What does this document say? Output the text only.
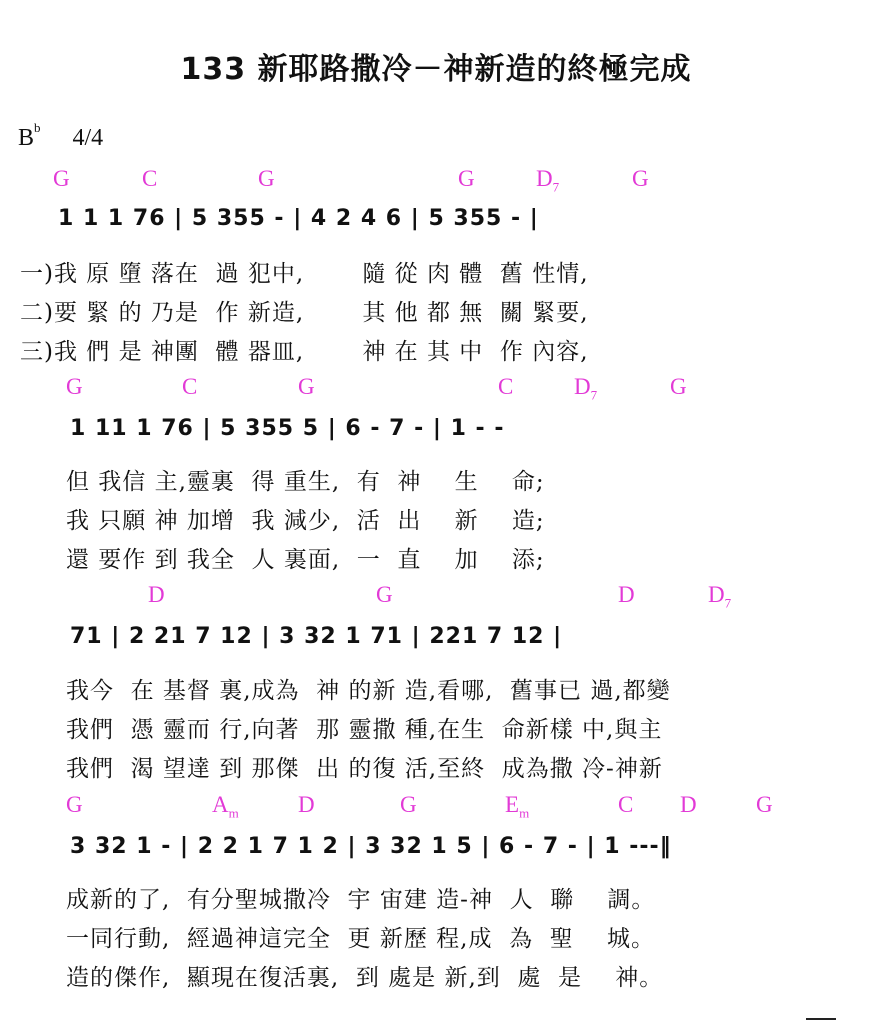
133 新耶路撒冷－神新造的終極完成
$B^b$ 4/4
G	C	G	G	$D_7$	G
1 1 1 76 | 5 355 - | 4 2 4 6 | 5 355 - |
一)我 原 墮 落在  過 犯中,       隨 從 肉 體  舊 性情,
二)要 緊 的 乃是  作 新造,       其 他 都 無  關 緊要,
三)我 們 是 神團  體 器皿,       神 在 其 中  作 內容,
G	C	G	C	$D_7$	G
1 11 1 76 | 5 355 5 | 6 - 7 - | 1 - -
但 我信 主,靈裏  得 重生,  有  神    生    命;
我 只願 神 加增  我 減少,  活  出    新    造;
還 要作 到 我全  人 裏面,  一  直    加    添;
D	G	D	$D_7$
71 | 2 21 7 12 | 3 32 1 71 | 221 7 12 |
我今  在 基督 裏,成為  神 的新 造,看哪,  舊事已 過,都變
我們  憑 靈而 行,向著  那 靈撒 種,在生  命新樣 中,與主
我們  渴 望達 到 那傑  出 的復 活,至終  成為撒 冷-神新
G	$A_m$	D	G	$E_m$	C D	G
3 32 1 - | 2 2 1 7 1 2 | 3 32 1 5 | 6 - 7 - | 1 ---‖
成新的了,  有分聖城撒冷  宇 宙建 造-神  人  聯    調。
一同行動,  經過神這完全  更 新歷 程,成  為  聖    城。
造的傑作,  顯現在復活裏,  到 處是 新,到  處  是    神。
